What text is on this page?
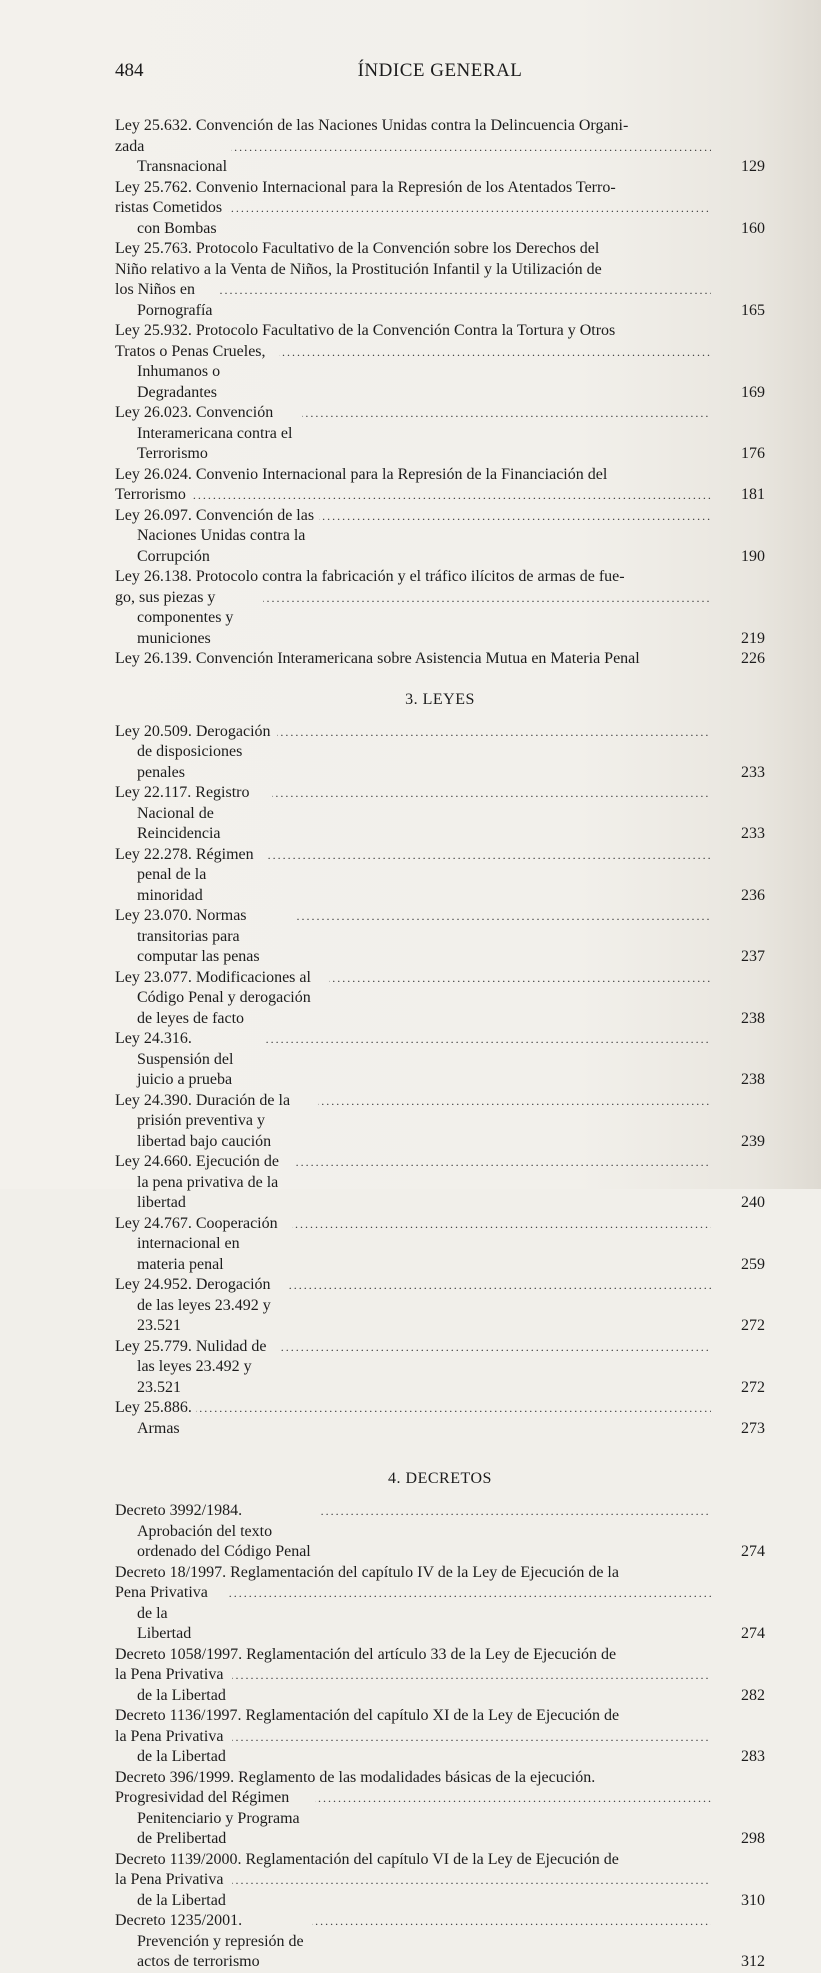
484	ÍNDICE GENERAL
Ley 25.632. Convención de las Naciones Unidas contra la Delincuencia Organi-
zada Transnacional
.....	129
Ley 25.762. Convenio Internacional para la Represión de los Atentados Terro-
ristas Cometidos con Bombas
.....	160
Ley 25.763. Protocolo Facultativo de la Convención sobre los Derechos del
Niño relativo a la Venta de Niños, la Prostitución Infantil y la Utilización de
los Niños en Pornografía
.....	165
Ley 25.932. Protocolo Facultativo de la Convención Contra la Tortura y Otros
Tratos o Penas Crueles, Inhumanos o Degradantes
.....	169
Ley 26.023. Convención Interamericana contra el Terrorismo
.....	176
Ley 26.024. Convenio Internacional para la Represión de la Financiación del
Terrorismo .....	181
Ley 26.097. Convención de las Naciones Unidas contra la Corrupción
.....	190
Ley 26.138. Protocolo contra la fabricación y el tráfico ilícitos de armas de fue-
go, sus piezas y componentes y municiones
.....	219
Ley 26.139. Convención Interamericana sobre Asistencia Mutua en Materia Penal	226
3. LEYES
Ley 20.509. Derogación de disposiciones penales
.....	233
Ley 22.117. Registro Nacional de Reincidencia
.....	233
Ley 22.278. Régimen penal de la minoridad
.....	236
Ley 23.070. Normas transitorias para computar las penas
.....	237
Ley 23.077. Modificaciones al Código Penal y derogación de leyes de facto
.....	238
Ley 24.316. Suspensión del juicio a prueba
.....	238
Ley 24.390. Duración de la prisión preventiva y libertad bajo caución
.....	239
Ley 24.660. Ejecución de la pena privativa de la libertad
.....	240
Ley 24.767. Cooperación internacional en materia penal
.....	259
Ley 24.952. Derogación de las leyes 23.492 y 23.521
.....	272
Ley 25.779. Nulidad de las leyes 23.492 y 23.521
.....	272
Ley 25.886. Armas
.....	273
4. DECRETOS
Decreto 3992/1984. Aprobación del texto ordenado del Código Penal
.....	274
Decreto 18/1997. Reglamentación del capítulo IV de la Ley de Ejecución de la
Pena Privativa de la Libertad
.....	274
Decreto 1058/1997. Reglamentación del artículo 33 de la Ley de Ejecución de
la Pena Privativa de la Libertad
.....	282
Decreto 1136/1997. Reglamentación del capítulo XI de la Ley de Ejecución de
la Pena Privativa de la Libertad
.....	283
Decreto 396/1999. Reglamento de las modalidades básicas de la ejecución.
Progresividad del Régimen Penitenciario y Programa de Prelibertad
.....	298
Decreto 1139/2000. Reglamentación del capítulo VI de la Ley de Ejecución de
la Pena Privativa de la Libertad
.....	310
Decreto 1235/2001. Prevención y represión de actos de terrorismo
.....	312
